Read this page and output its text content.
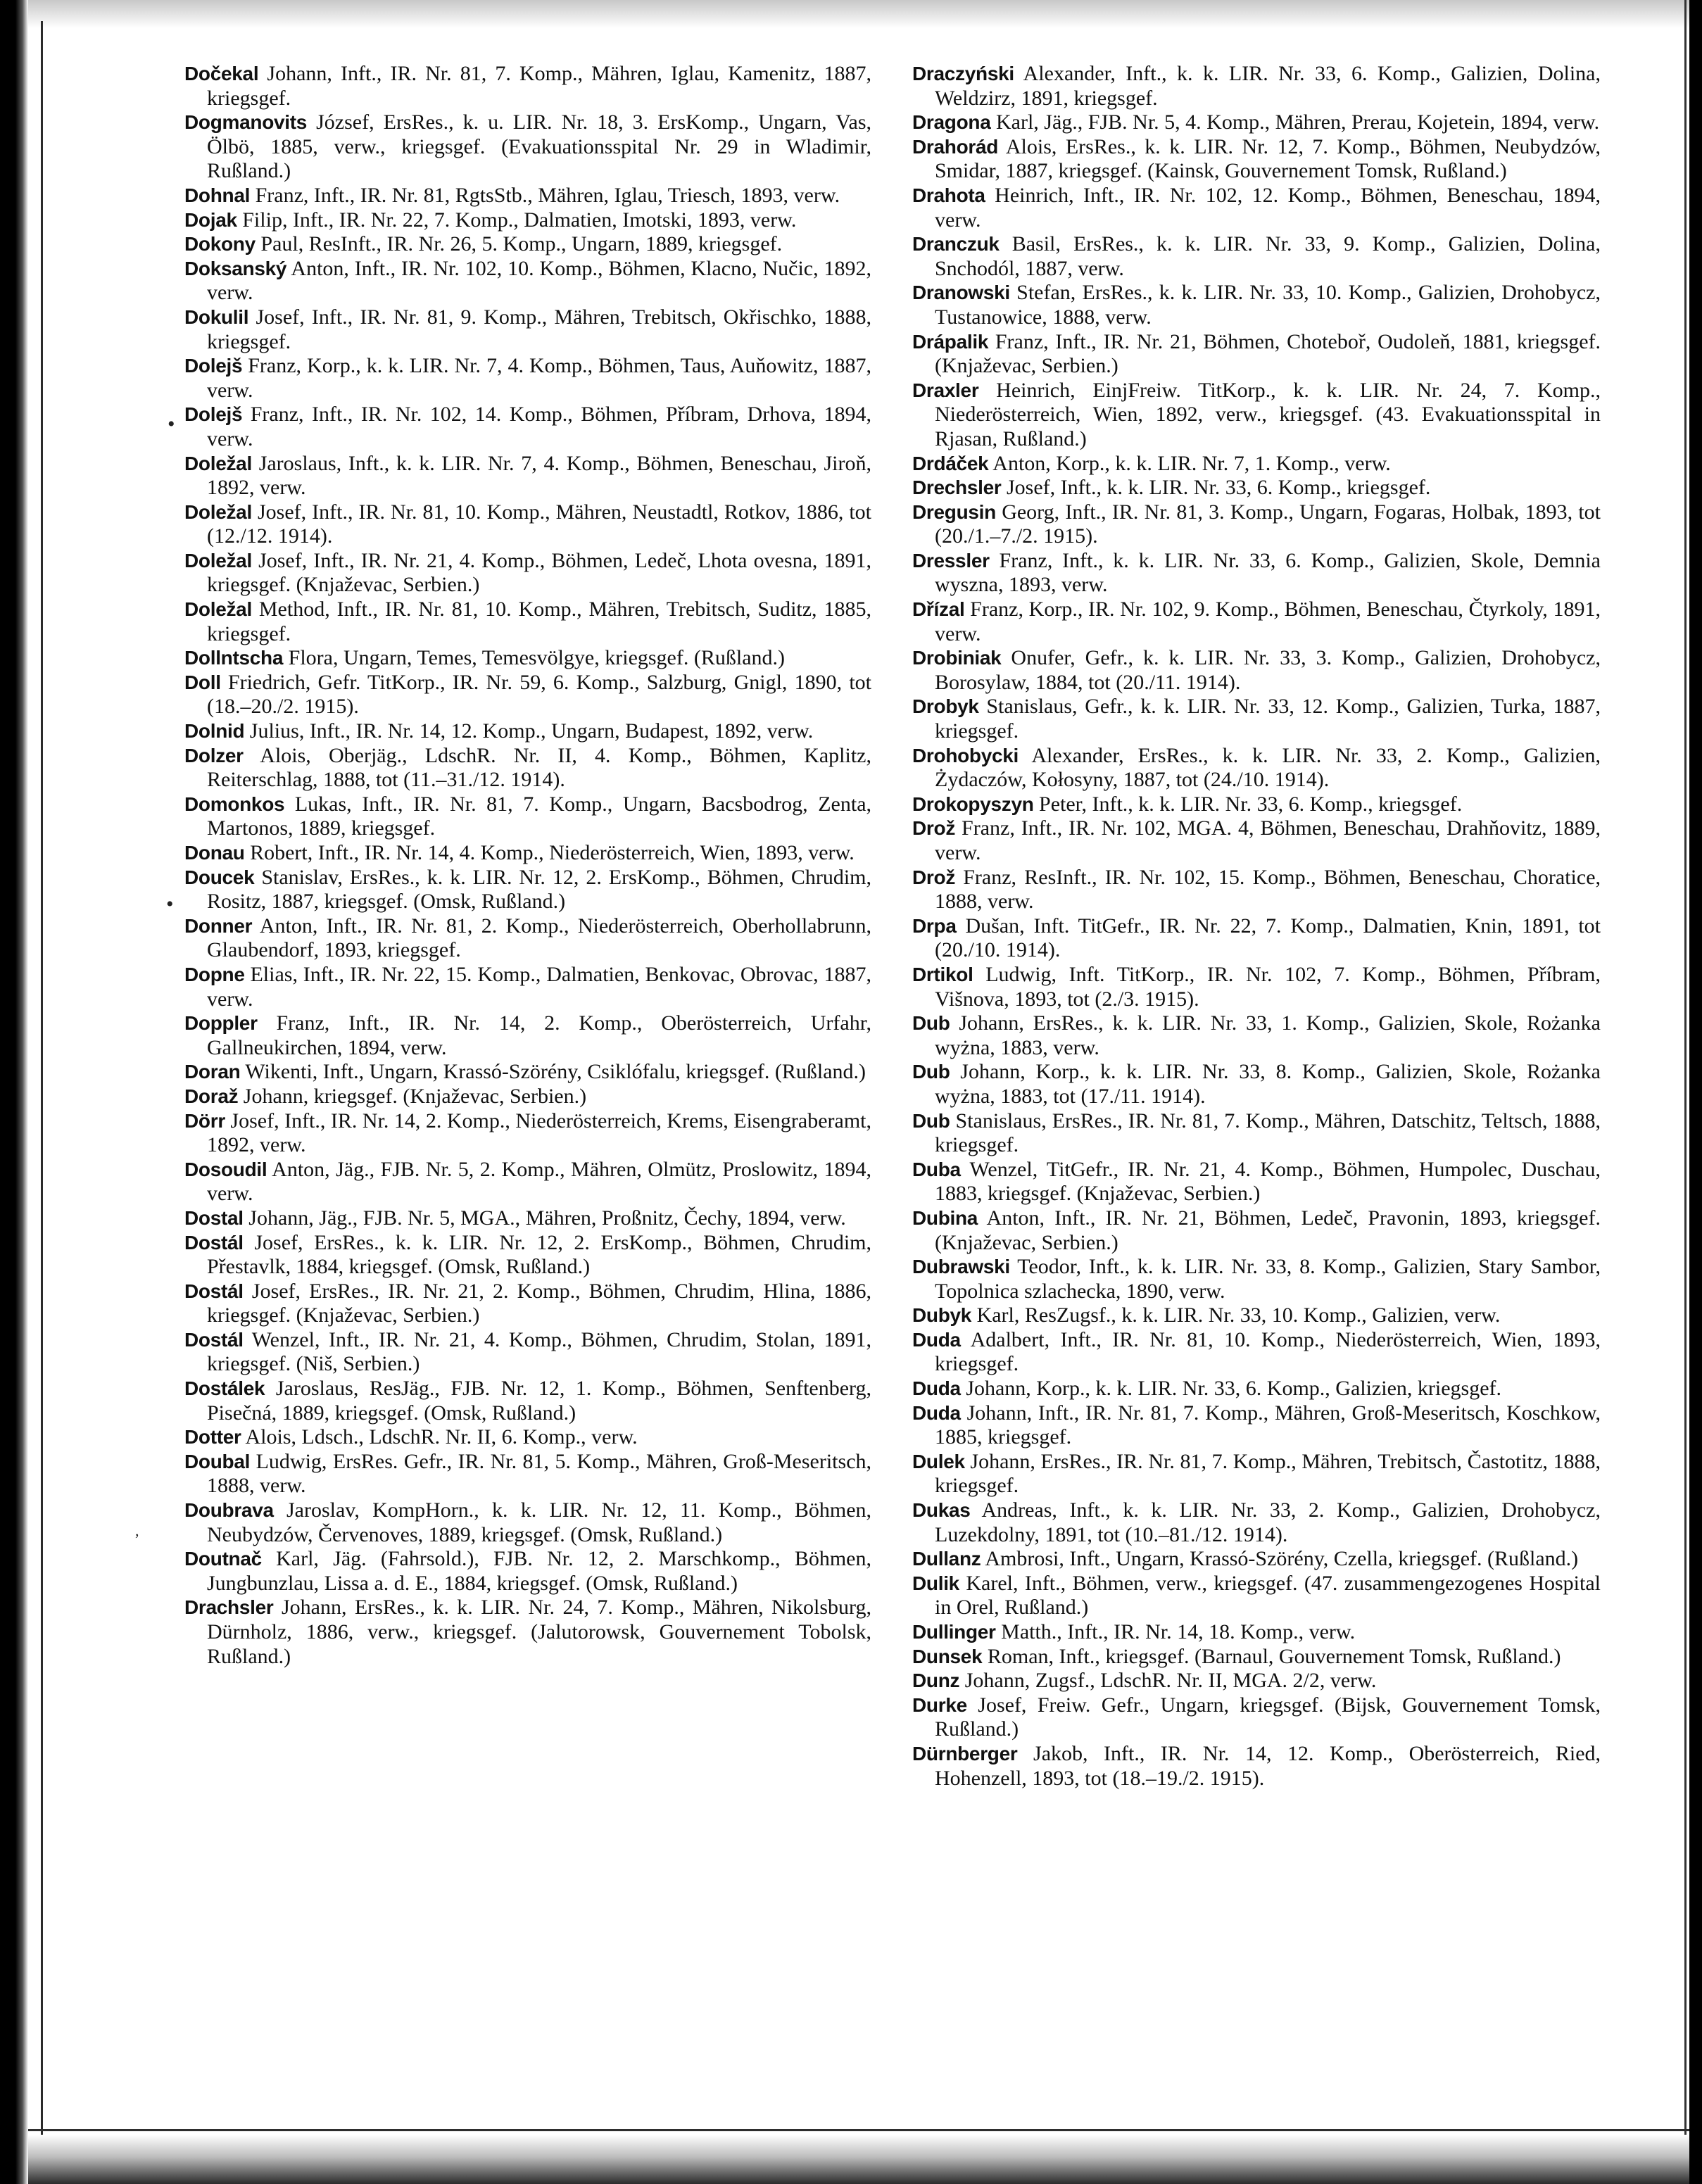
Dočekal Johann, Inft., IR. Nr. 81, 7. Komp., Mähren, Iglau, Kamenitz, 1887, kriegsgef.

Dogmanovits József, ErsRes., k. u. LIR. Nr. 18, 3. ErsKomp., Ungarn, Vas, Ölbö, 1885, verw., kriegsgef. (Evakuationsspital Nr. 29 in Wladimir, Rußland.)

Dohnal Franz, Inft., IR. Nr. 81, RgtsStb., Mähren, Iglau, Triesch, 1893, verw.

Dojak Filip, Inft., IR. Nr. 22, 7. Komp., Dalmatien, Imotski, 1893, verw.

Dokony Paul, ResInft., IR. Nr. 26, 5. Komp., Ungarn, 1889, kriegsgef.

Doksanský Anton, Inft., IR. Nr. 102, 10. Komp., Böhmen, Klacno, Nučic, 1892, verw.

Dokulil Josef, Inft., IR. Nr. 81, 9. Komp., Mähren, Trebitsch, Okřischko, 1888, kriegsgef.

Dolejš Franz, Korp., k. k. LIR. Nr. 7, 4. Komp., Böhmen, Taus, Auňowitz, 1887, verw.

Dolejš Franz, Inft., IR. Nr. 102, 14. Komp., Böhmen, Příbram, Drhova, 1894, verw.

Doležal Jaroslaus, Inft., k. k. LIR. Nr. 7, 4. Komp., Böhmen, Beneschau, Jiroň, 1892, verw.

Doležal Josef, Inft., IR. Nr. 81, 10. Komp., Mähren, Neustadtl, Rotkov, 1886, tot (12./12. 1914).

Doležal Josef, Inft., IR. Nr. 21, 4. Komp., Böhmen, Ledeč, Lhota ovesna, 1891, kriegsgef. (Knjaževac, Serbien.)

Doležal Method, Inft., IR. Nr. 81, 10. Komp., Mähren, Trebitsch, Suditz, 1885, kriegsgef.

Dollntscha Flora, Ungarn, Temes, Temesvölgye, kriegsgef. (Rußland.)

Doll Friedrich, Gefr. TitKorp., IR. Nr. 59, 6. Komp., Salzburg, Gnigl, 1890, tot (18.–20./2. 1915).

Dolnid Julius, Inft., IR. Nr. 14, 12. Komp., Ungarn, Budapest, 1892, verw.

Dolzer Alois, Oberjäg., LdschR. Nr. II, 4. Komp., Böhmen, Kaplitz, Reiterschlag, 1888, tot (11.–31./12. 1914).

Domonkos Lukas, Inft., IR. Nr. 81, 7. Komp., Ungarn, Bacsbodrog, Zenta, Martonos, 1889, kriegsgef.

Donau Robert, Inft., IR. Nr. 14, 4. Komp., Niederösterreich, Wien, 1893, verw.

Doucek Stanislav, ErsRes., k. k. LIR. Nr. 12, 2. ErsKomp., Böhmen, Chrudim, Rositz, 1887, kriegsgef. (Omsk, Rußland.)

Donner Anton, Inft., IR. Nr. 81, 2. Komp., Niederösterreich, Oberhollabrunn, Glaubendorf, 1893, kriegsgef.

Dopne Elias, Inft., IR. Nr. 22, 15. Komp., Dalmatien, Benkovac, Obrovac, 1887, verw.

Doppler Franz, Inft., IR. Nr. 14, 2. Komp., Oberösterreich, Urfahr, Gallneukirchen, 1894, verw.

Doran Wikenti, Inft., Ungarn, Krassó-Szörény, Csiklófalu, kriegsgef. (Rußland.)

Doraž Johann, kriegsgef. (Knjaževac, Serbien.)

Dörr Josef, Inft., IR. Nr. 14, 2. Komp., Niederösterreich, Krems, Eisengraberamt, 1892, verw.

Dosoudil Anton, Jäg., FJB. Nr. 5, 2. Komp., Mähren, Olmütz, Proslowitz, 1894, verw.

Dostal Johann, Jäg., FJB. Nr. 5, MGA., Mähren, Proßnitz, Čechy, 1894, verw.

Dostál Josef, ErsRes., k. k. LIR. Nr. 12, 2. ErsKomp., Böhmen, Chrudim, Přestavlk, 1884, kriegsgef. (Omsk, Rußland.)

Dostál Josef, ErsRes., IR. Nr. 21, 2. Komp., Böhmen, Chrudim, Hlina, 1886, kriegsgef. (Knjaževac, Serbien.)

Dostál Wenzel, Inft., IR. Nr. 21, 4. Komp., Böhmen, Chrudim, Stolan, 1891, kriegsgef. (Niš, Serbien.)

Dostálek Jaroslaus, ResJäg., FJB. Nr. 12, 1. Komp., Böhmen, Senftenberg, Pisečná, 1889, kriegsgef. (Omsk, Rußland.)

Dotter Alois, Ldsch., LdschR. Nr. II, 6. Komp., verw.

Doubal Ludwig, ErsRes. Gefr., IR. Nr. 81, 5. Komp., Mähren, Groß-Meseritsch, 1888, verw.

Doubrava Jaroslav, KompHorn., k. k. LIR. Nr. 12, 11. Komp., Böhmen, Neubydzów, Červenoves, 1889, kriegsgef. (Omsk, Rußland.)

Doutnač Karl, Jäg. (Fahrsold.), FJB. Nr. 12, 2. Marschkomp., Böhmen, Jungbunzlau, Lissa a. d. E., 1884, kriegsgef. (Omsk, Rußland.)

Drachsler Johann, ErsRes., k. k. LIR. Nr. 24, 7. Komp., Mähren, Nikolsburg, Dürnholz, 1886, verw., kriegsgef. (Jalutorowsk, Gouvernement Tobolsk, Rußland.)

Draczyński Alexander, Inft., k. k. LIR. Nr. 33, 6. Komp., Galizien, Dolina, Weldzirz, 1891, kriegsgef.

Dragona Karl, Jäg., FJB. Nr. 5, 4. Komp., Mähren, Prerau, Kojetein, 1894, verw.

Drahorád Alois, ErsRes., k. k. LIR. Nr. 12, 7. Komp., Böhmen, Neubydzów, Smidar, 1887, kriegsgef. (Kainsk, Gouvernement Tomsk, Rußland.)

Drahota Heinrich, Inft., IR. Nr. 102, 12. Komp., Böhmen, Beneschau, 1894, verw.

Dranczuk Basil, ErsRes., k. k. LIR. Nr. 33, 9. Komp., Galizien, Dolina, Snchodól, 1887, verw.

Dranowski Stefan, ErsRes., k. k. LIR. Nr. 33, 10. Komp., Galizien, Drohobycz, Tustanowice, 1888, verw.

Drápalik Franz, Inft., IR. Nr. 21, Böhmen, Chotebоř, Oudoleň, 1881, kriegsgef. (Knjaževac, Serbien.)

Draxler Heinrich, EinjFreiw. TitKorp., k. k. LIR. Nr. 24, 7. Komp., Niederösterreich, Wien, 1892, verw., kriegsgef. (43. Evakuationsspital in Rjasan, Rußland.)

Drdáček Anton, Korp., k. k. LIR. Nr. 7, 1. Komp., verw.

Drechsler Josef, Inft., k. k. LIR. Nr. 33, 6. Komp., kriegsgef.

Dregusin Georg, Inft., IR. Nr. 81, 3. Komp., Ungarn, Fogaras, Holbak, 1893, tot (20./1.–7./2. 1915).

Dressler Franz, Inft., k. k. LIR. Nr. 33, 6. Komp., Galizien, Skole, Demnia wyszna, 1893, verw.

Dřízal Franz, Korp., IR. Nr. 102, 9. Komp., Böhmen, Beneschau, Čtyrkoly, 1891, verw.

Drobiniak Onufer, Gefr., k. k. LIR. Nr. 33, 3. Komp., Galizien, Drohobycz, Borosylaw, 1884, tot (20./11. 1914).

Drobyk Stanislaus, Gefr., k. k. LIR. Nr. 33, 12. Komp., Galizien, Turka, 1887, kriegsgef.

Drohobycki Alexander, ErsRes., k. k. LIR. Nr. 33, 2. Komp., Galizien, Żydaczów, Kołosyny, 1887, tot (24./10. 1914).

Drokopyszyn Peter, Inft., k. k. LIR. Nr. 33, 6. Komp., kriegsgef.

Drož Franz, Inft., IR. Nr. 102, MGA. 4, Böhmen, Beneschau, Drahňovitz, 1889, verw.

Drož Franz, ResInft., IR. Nr. 102, 15. Komp., Böhmen, Beneschau, Choratice, 1888, verw.

Drpa Dušan, Inft. TitGefr., IR. Nr. 22, 7. Komp., Dalmatien, Knin, 1891, tot (20./10. 1914).

Drtikol Ludwig, Inft. TitKorp., IR. Nr. 102, 7. Komp., Böhmen, Příbram, Višnova, 1893, tot (2./3. 1915).

Dub Johann, ErsRes., k. k. LIR. Nr. 33, 1. Komp., Galizien, Skole, Rożanka wyżna, 1883, verw.

Dub Johann, Korp., k. k. LIR. Nr. 33, 8. Komp., Galizien, Skole, Rożanka wyżna, 1883, tot (17./11. 1914).

Dub Stanislaus, ErsRes., IR. Nr. 81, 7. Komp., Mähren, Datschitz, Teltsch, 1888, kriegsgef.

Duba Wenzel, TitGefr., IR. Nr. 21, 4. Komp., Böhmen, Humpolec, Duschau, 1883, kriegsgef. (Knjaževac, Serbien.)

Dubina Anton, Inft., IR. Nr. 21, Böhmen, Ledeč, Pravonin, 1893, kriegsgef. (Knjaževac, Serbien.)

Dubrawski Teodor, Inft., k. k. LIR. Nr. 33, 8. Komp., Galizien, Stary Sambor, Topolnica szlachecka, 1890, verw.

Dubyk Karl, ResZugsf., k. k. LIR. Nr. 33, 10. Komp., Galizien, verw.

Duda Adalbert, Inft., IR. Nr. 81, 10. Komp., Niederösterreich, Wien, 1893, kriegsgef.

Duda Johann, Korp., k. k. LIR. Nr. 33, 6. Komp., Galizien, kriegsgef.

Duda Johann, Inft., IR. Nr. 81, 7. Komp., Mähren, Groß-Meseritsch, Koschkow, 1885, kriegsgef.

Dulek Johann, ErsRes., IR. Nr. 81, 7. Komp., Mähren, Trebitsch, Častotitz, 1888, kriegsgef.

Dukas Andreas, Inft., k. k. LIR. Nr. 33, 2. Komp., Galizien, Drohobycz, Luzekdolny, 1891, tot (10.–81./12. 1914).

Dullanz Ambrosi, Inft., Ungarn, Krassó-Szörény, Czella, kriegsgef. (Rußland.)

Dulik Karel, Inft., Böhmen, verw., kriegsgef. (47. zusammengezogenes Hospital in Orel, Rußland.)

Dullinger Matth., Inft., IR. Nr. 14, 18. Komp., verw.

Dunsek Roman, Inft., kriegsgef. (Barnaul, Gouvernement Tomsk, Rußland.)

Dunz Johann, Zugsf., LdschR. Nr. II, MGA. 2/2, verw.

Durke Josef, Freiw. Gefr., Ungarn, kriegsgef. (Bijsk, Gouvernement Tomsk, Rußland.)

Dürnberger Jakob, Inft., IR. Nr. 14, 12. Komp., Oberösterreich, Ried, Hohenzell, 1893, tot (18.–19./2. 1915).

•
•
,
